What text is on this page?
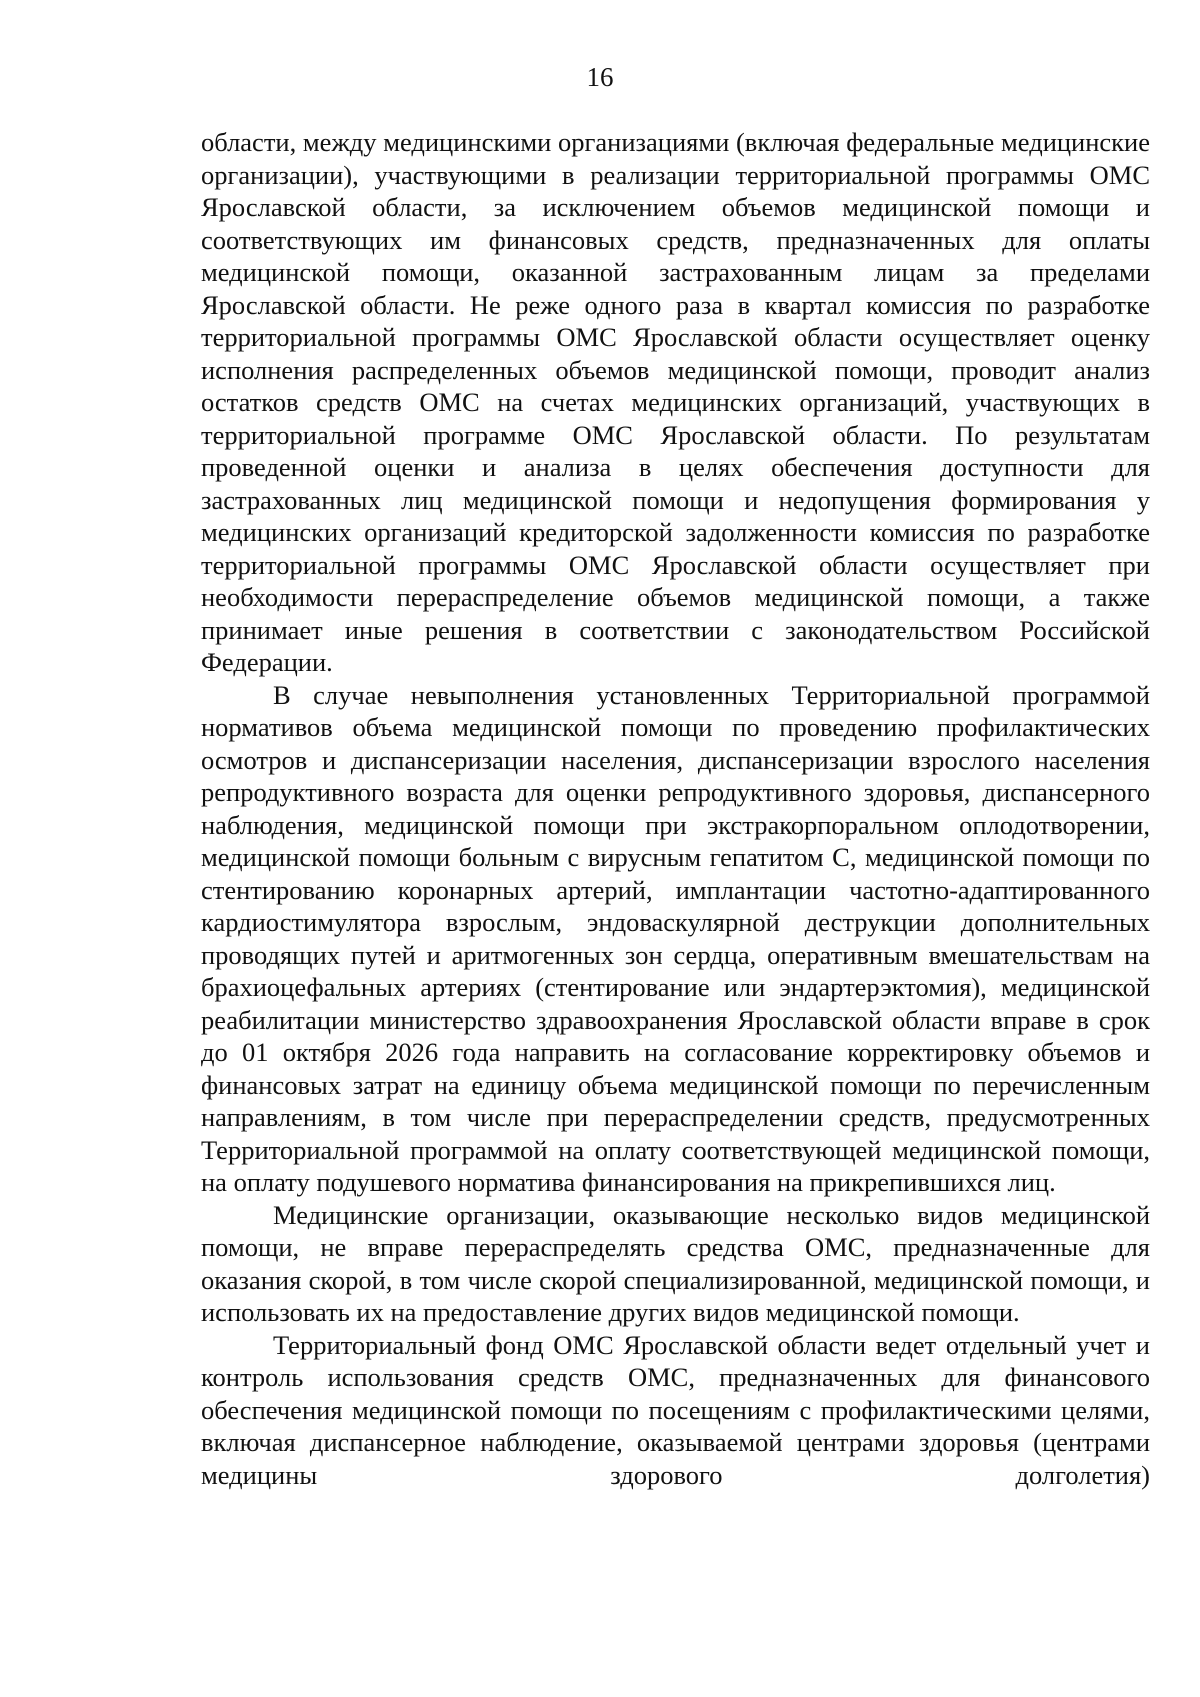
16

области, между медицинскими организациями (включая федеральные медицинские организации), участвующими в реализации территориальной программы ОМС Ярославской области, за исключением объемов медицинской помощи и соответствующих им финансовых средств, предназначенных для оплаты медицинской помощи, оказанной застрахованным лицам за пределами Ярославской области. Не реже одного раза в квартал комиссия по разработке территориальной программы ОМС Ярославской области осуществляет оценку исполнения распределенных объемов медицинской помощи, проводит анализ остатков средств ОМС на счетах медицинских организаций, участвующих в территориальной программе ОМС Ярославской области. По результатам проведенной оценки и анализа в целях обеспечения доступности для застрахованных лиц медицинской помощи и недопущения формирования у медицинских организаций кредиторской задолженности комиссия по разработке территориальной программы ОМС Ярославской области осуществляет при необходимости перераспределение объемов медицинской помощи, а также принимает иные решения в соответствии с законодательством Российской Федерации.

В случае невыполнения установленных Территориальной программой нормативов объема медицинской помощи по проведению профилактических осмотров и диспансеризации населения, диспансеризации взрослого населения репродуктивного возраста для оценки репродуктивного здоровья, диспансерного наблюдения, медицинской помощи при экстракорпоральном оплодотворении, медицинской помощи больным с вирусным гепатитом С, медицинской помощи по стентированию коронарных артерий, имплантации частотно-адаптированного кардиостимулятора взрослым, эндоваскулярной деструкции дополнительных проводящих путей и аритмогенных зон сердца, оперативным вмешательствам на брахиоцефальных артериях (стентирование или эндартерэктомия), медицинской реабилитации министерство здравоохранения Ярославской области вправе в срок до 01 октября 2026 года направить на согласование корректировку объемов и финансовых затрат на единицу объема медицинской помощи по перечисленным направлениям, в том числе при перераспределении средств, предусмотренных Территориальной программой на оплату соответствующей медицинской помощи, на оплату подушевого норматива финансирования на прикрепившихся лиц.

Медицинские организации, оказывающие несколько видов медицинской помощи, не вправе перераспределять средства ОМС, предназначенные для оказания скорой, в том числе скорой специализированной, медицинской помощи, и использовать их на предоставление других видов медицинской помощи.

Территориальный фонд ОМС Ярославской области ведет отдельный учет и контроль использования средств ОМС, предназначенных для финансового обеспечения медицинской помощи по посещениям с профилактическими целями, включая диспансерное наблюдение, оказываемой центрами здоровья (центрами медицины здорового долголетия)
